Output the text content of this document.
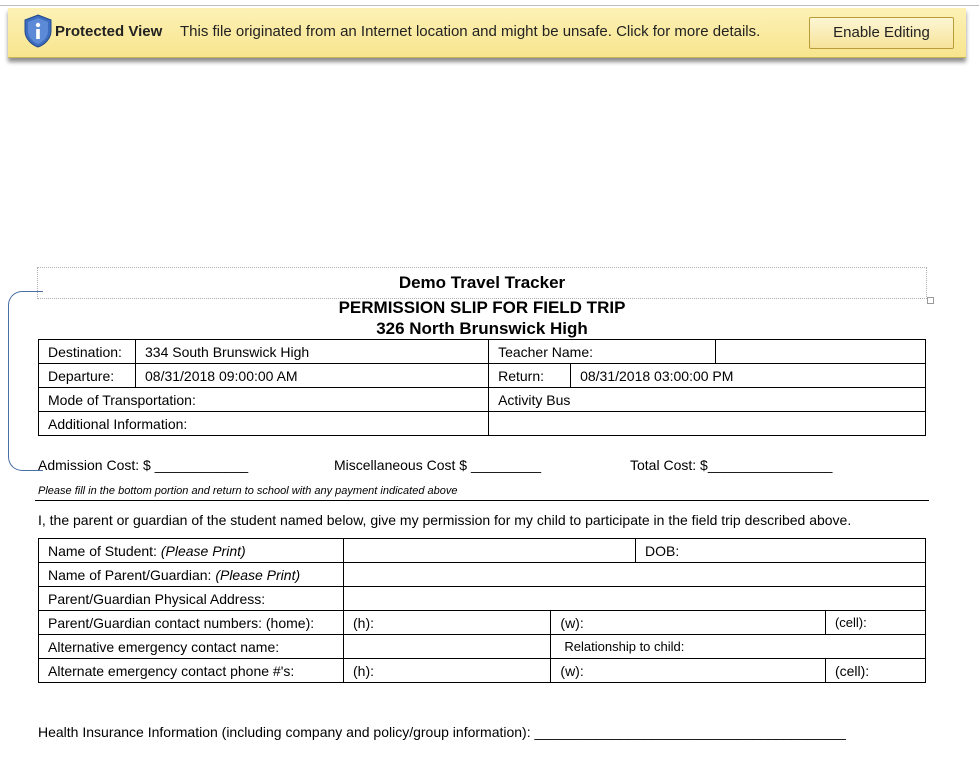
Protected View This file originated from an Internet location and might be unsafe. Click for more details.	Enable Editing
Demo Travel Tracker
PERMISSION SLIP FOR FIELD TRIP
326 North Brunswick High
Destination:	334 South Brunswick High	Teacher Name:		
Departure:	08/31/2018 09:00:00 AM	Return:	08/31/2018 03:00:00 PM	
Mode of Transportation:		Activity Bus		
Additional Information:				
Admission Cost: $ ____________	Miscellaneous Cost $ _________	Total Cost: $________________
Please fill in the bottom portion and return to school with any payment indicated above
I, the parent or guardian of the student named below, give my permission for my child to participate in the field trip described above.
Name of Student: (Please Print)			DOB:	
Name of Parent/Guardian: (Please Print)				
Parent/Guardian Physical Address:				
Parent/Guardian contact numbers: (home):	(h):	(w):		(cell):
Alternative emergency contact name:		Relationship to child:		
Alternate emergency contact phone #'s:	(h):	(w):		(cell):
Health Insurance Information (including company and policy/group information): ________________________________________
